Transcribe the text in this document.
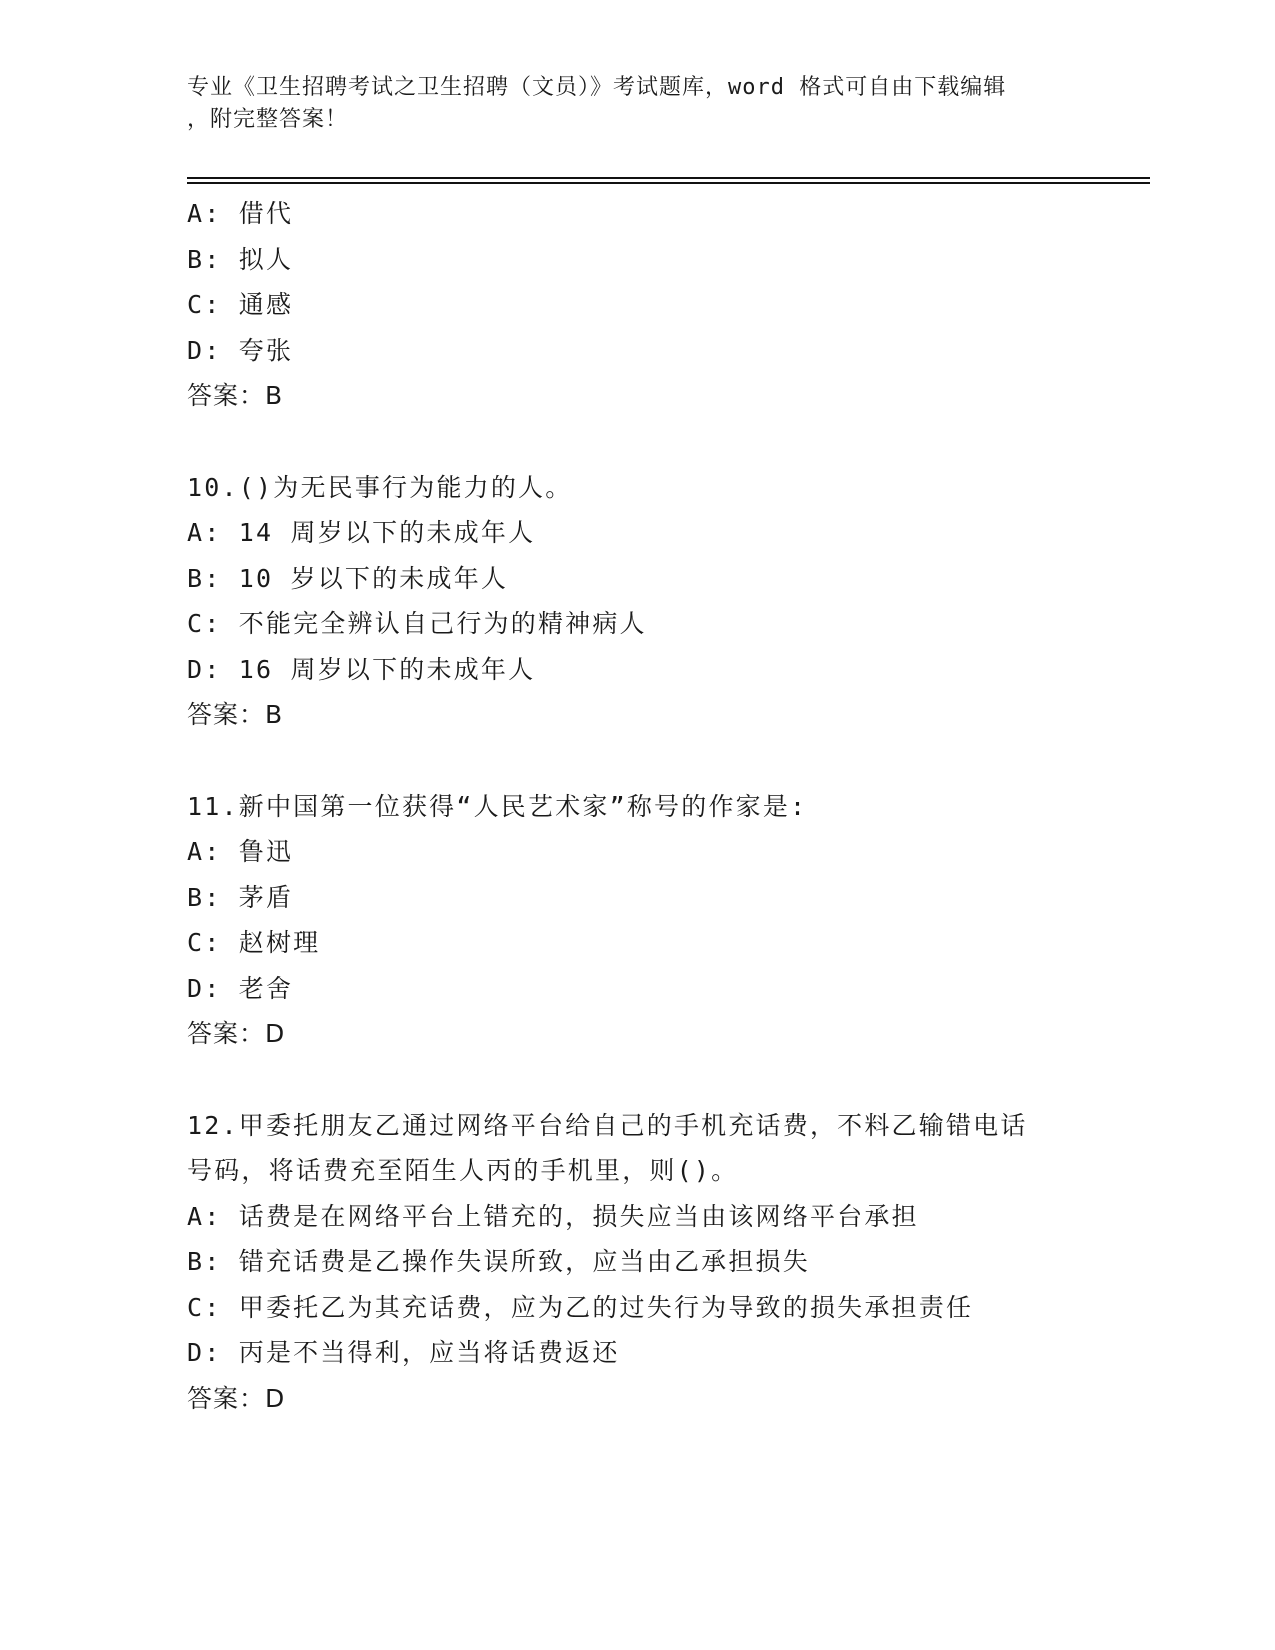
专业《卫生招聘考试之卫生招聘（文员）》考试题库，word 格式可自由下载编辑
，附完整答案！
A: 借代
B: 拟人
C: 通感
D: 夸张
答案：B
10.()为无民事行为能力的人。
A: 14 周岁以下的未成年人
B: 10 岁以下的未成年人
C: 不能完全辨认自己行为的精神病人
D: 16 周岁以下的未成年人
答案：B
11.新中国第一位获得“人民艺术家”称号的作家是:
A: 鲁迅
B: 茅盾
C: 赵树理
D: 老舍
答案：D
12.甲委托朋友乙通过网络平台给自己的手机充话费，不料乙输错电话
号码，将话费充至陌生人丙的手机里，则()。
A: 话费是在网络平台上错充的，损失应当由该网络平台承担
B: 错充话费是乙操作失误所致，应当由乙承担损失
C: 甲委托乙为其充话费，应为乙的过失行为导致的损失承担责任
D: 丙是不当得利，应当将话费返还
答案：D
